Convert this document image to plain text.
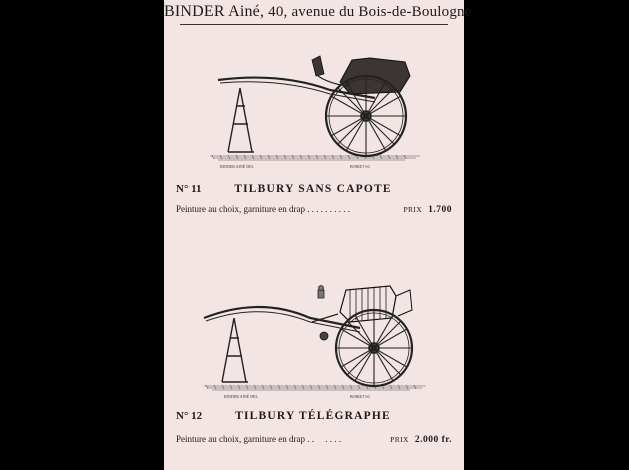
BINDER Ainé, 40, avenue du Bois-de-Boulogne
BINDER AINÉ DEL	BORIET SC
N° 11	TILBURY SANS CAPOTE
Peinture au choix, garniture en drap . . . . . . . . . .	PRIX 1.700
BINDER AINÉ DEL	BORIET SC
N° 12	TILBURY TÉLÉGRAPHE
Peinture au choix, garniture en drap . .     . . . .	PRIX 2.000 fr.
